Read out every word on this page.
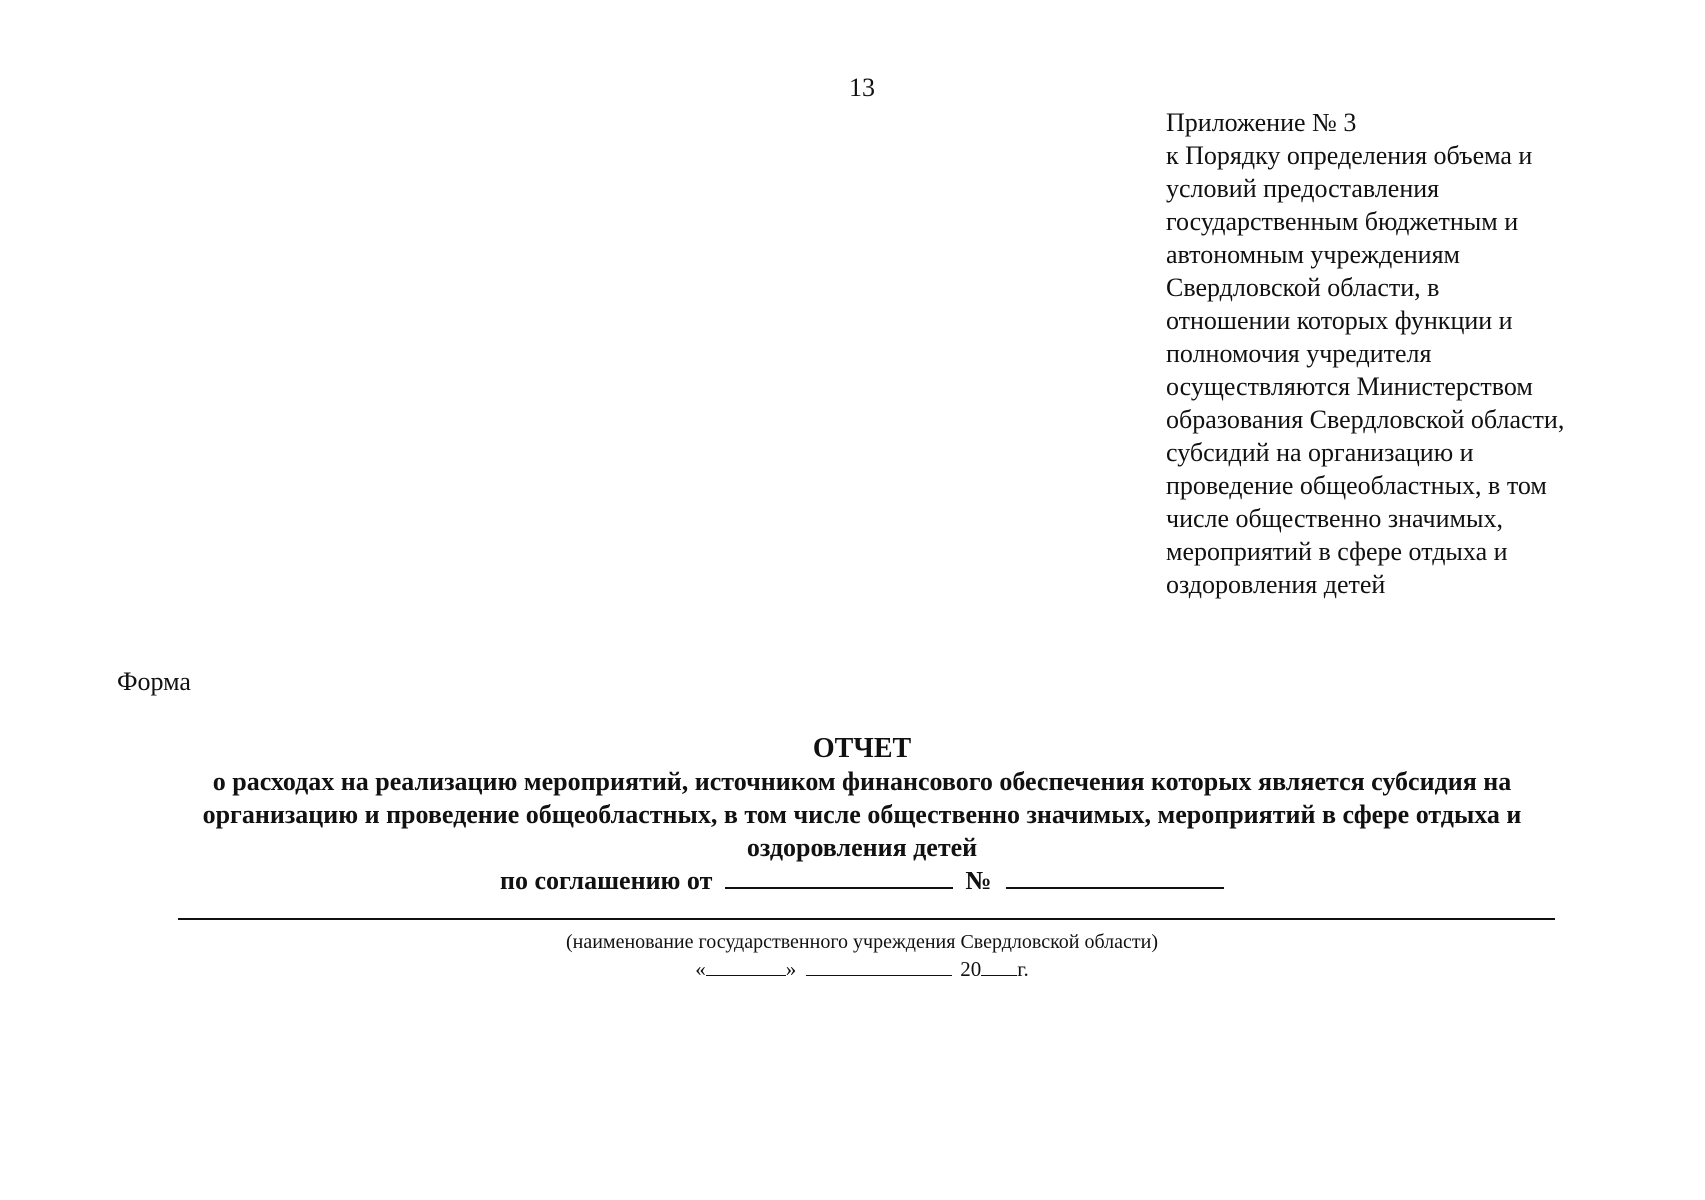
13
Приложение № 3
к Порядку определения объема и
условий предоставления
государственным бюджетным и
автономным учреждениям
Свердловской области, в
отношении которых функции и
полномочия учредителя
осуществляются Министерством
образования Свердловской области,
субсидий на организацию и
проведение общеобластных, в том
числе общественно значимых,
мероприятий в сфере отдыха и
оздоровления детей
Форма
ОТЧЕТ
о расходах на реализацию мероприятий, источником финансового обеспечения которых является субсидия на
организацию и проведение общеобластных, в том числе общественно значимых, мероприятий в сфере отдыха и
оздоровления детей
по соглашению от	№
(наименование государственного учреждения Свердловской области)
«	»	20 г.
